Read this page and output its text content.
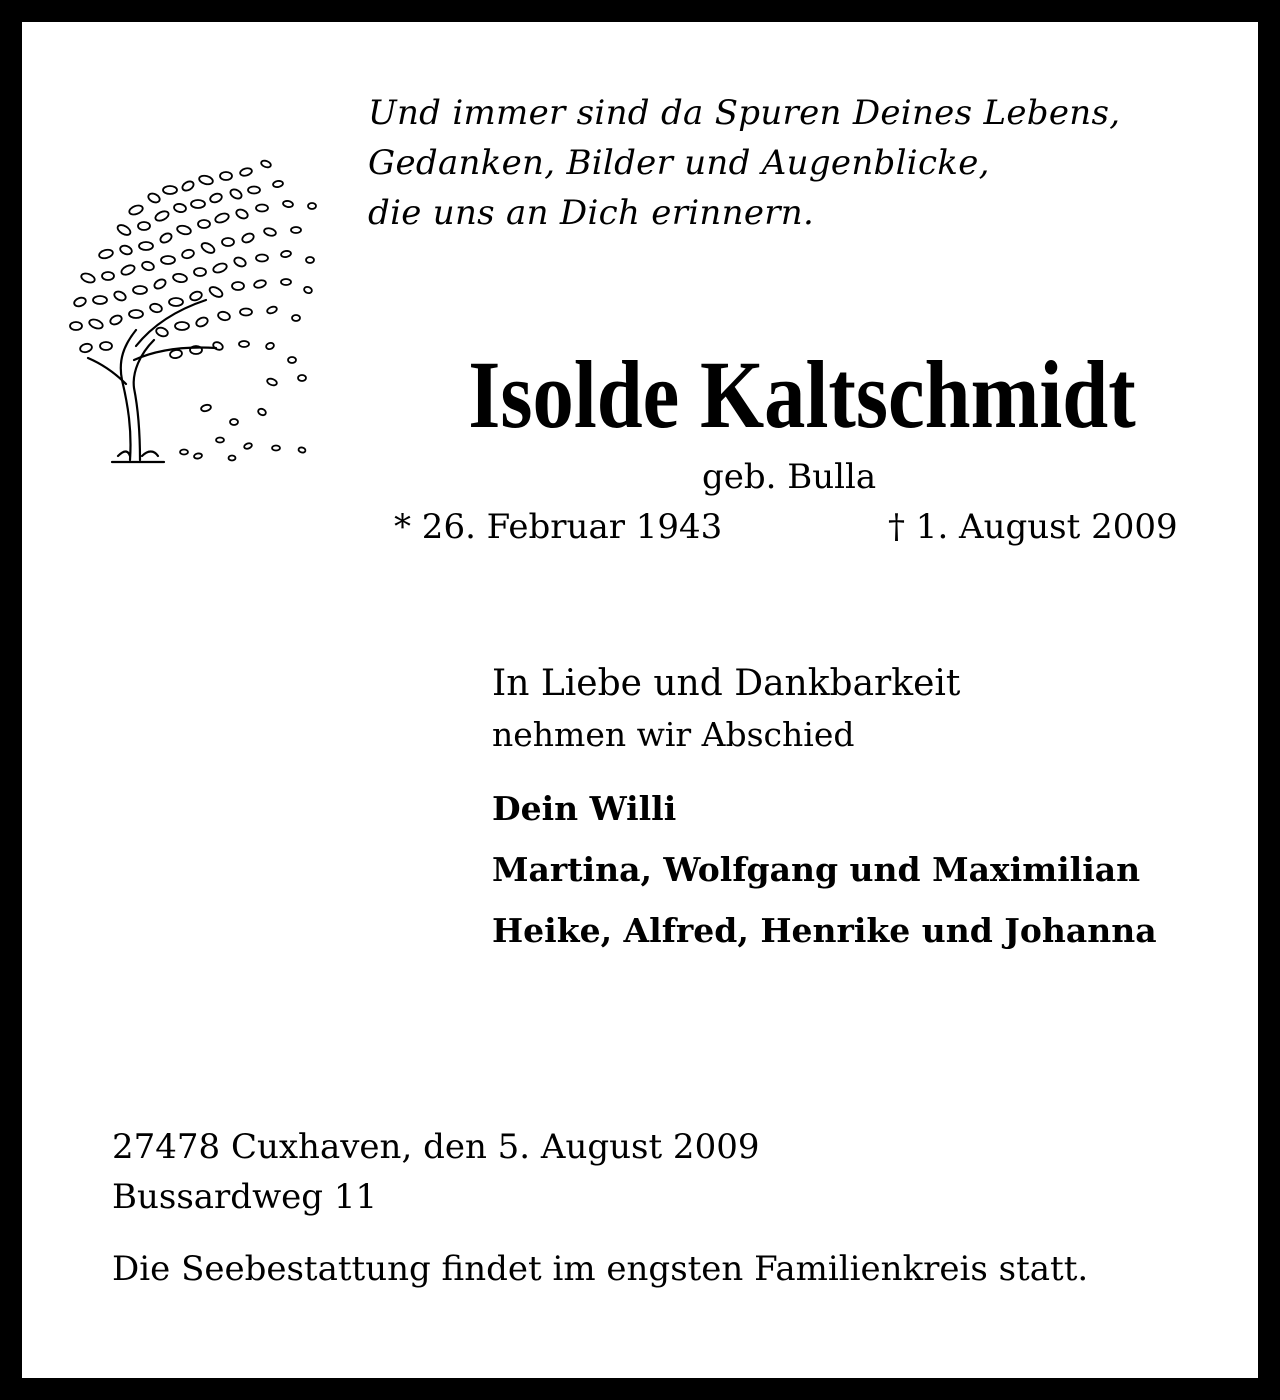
Und immer sind da Spuren Deines Lebens,
Gedanken, Bilder und Augenblicke,
die uns an Dich erinnern.
Isolde Kaltschmidt
geb. Bulla
* 26. Februar 1943	† 1. August 2009
In Liebe und Dankbarkeit
nehmen wir Abschied
Dein Willi
Martina, Wolfgang und Maximilian
Heike, Alfred, Henrike und Johanna
27478 Cuxhaven, den 5. August 2009
Bussardweg 11
Die Seebestattung findet im engsten Familienkreis statt.
